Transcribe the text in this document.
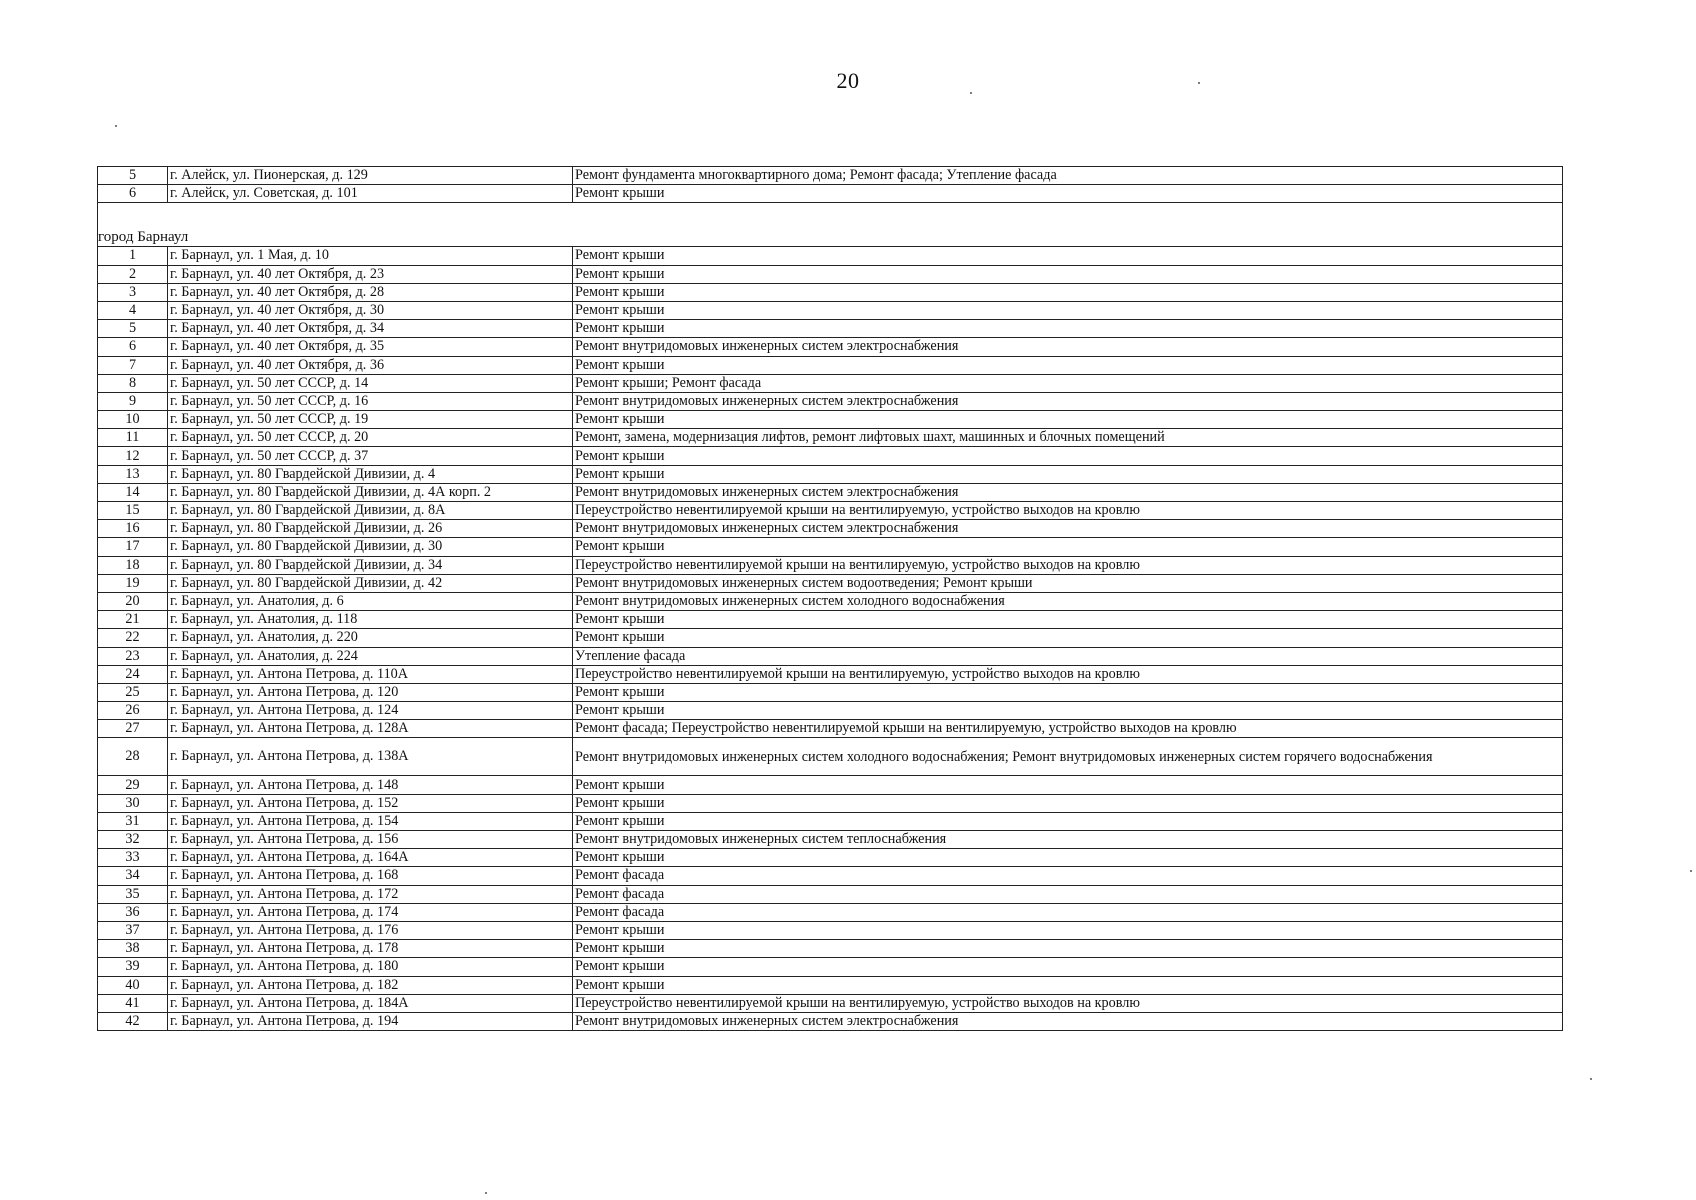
20
5	г. Алейск, ул. Пионерская, д. 129	Ремонт фундамента многоквартирного дома; Ремонт фасада; Утепление фасада
6	г. Алейск, ул. Советская, д. 101	Ремонт крыши
город Барнаул		
1	г. Барнаул, ул. 1 Мая, д. 10	Ремонт крыши
2	г. Барнаул, ул. 40 лет Октября, д. 23	Ремонт крыши
3	г. Барнаул, ул. 40 лет Октября, д. 28	Ремонт крыши
4	г. Барнаул, ул. 40 лет Октября, д. 30	Ремонт крыши
5	г. Барнаул, ул. 40 лет Октября, д. 34	Ремонт крыши
6	г. Барнаул, ул. 40 лет Октября, д. 35	Ремонт внутридомовых инженерных систем электроснабжения
7	г. Барнаул, ул. 40 лет Октября, д. 36	Ремонт крыши
8	г. Барнаул, ул. 50 лет СССР, д. 14	Ремонт крыши; Ремонт фасада
9	г. Барнаул, ул. 50 лет СССР, д. 16	Ремонт внутридомовых инженерных систем электроснабжения
10	г. Барнаул, ул. 50 лет СССР, д. 19	Ремонт крыши
11	г. Барнаул, ул. 50 лет СССР, д. 20	Ремонт, замена, модернизация лифтов, ремонт лифтовых шахт, машинных и блочных помещений
12	г. Барнаул, ул. 50 лет СССР, д. 37	Ремонт крыши
13	г. Барнаул, ул. 80 Гвардейской Дивизии, д. 4	Ремонт крыши
14	г. Барнаул, ул. 80 Гвардейской Дивизии, д. 4А корп. 2	Ремонт внутридомовых инженерных систем электроснабжения
15	г. Барнаул, ул. 80 Гвардейской Дивизии, д. 8А	Переустройство невентилируемой крыши на вентилируемую, устройство выходов на кровлю
16	г. Барнаул, ул. 80 Гвардейской Дивизии, д. 26	Ремонт внутридомовых инженерных систем электроснабжения
17	г. Барнаул, ул. 80 Гвардейской Дивизии, д. 30	Ремонт крыши
18	г. Барнаул, ул. 80 Гвардейской Дивизии, д. 34	Переустройство невентилируемой крыши на вентилируемую, устройство выходов на кровлю
19	г. Барнаул, ул. 80 Гвардейской Дивизии, д. 42	Ремонт внутридомовых инженерных систем водоотведения; Ремонт крыши
20	г. Барнаул, ул. Анатолия, д. 6	Ремонт внутридомовых инженерных систем холодного водоснабжения
21	г. Барнаул, ул. Анатолия, д. 118	Ремонт крыши
22	г. Барнаул, ул. Анатолия, д. 220	Ремонт крыши
23	г. Барнаул, ул. Анатолия, д. 224	Утепление фасада
24	г. Барнаул, ул. Антона Петрова, д. 110А	Переустройство невентилируемой крыши на вентилируемую, устройство выходов на кровлю
25	г. Барнаул, ул. Антона Петрова, д. 120	Ремонт крыши
26	г. Барнаул, ул. Антона Петрова, д. 124	Ремонт крыши
27	г. Барнаул, ул. Антона Петрова, д. 128А	Ремонт фасада; Переустройство невентилируемой крыши на вентилируемую, устройство выходов на кровлю
28	г. Барнаул, ул. Антона Петрова, д. 138А	Ремонт внутридомовых инженерных систем холодного водоснабжения; Ремонт внутридомовых инженерных систем горячего водоснабжения
29	г. Барнаул, ул. Антона Петрова, д. 148	Ремонт крыши
30	г. Барнаул, ул. Антона Петрова, д. 152	Ремонт крыши
31	г. Барнаул, ул. Антона Петрова, д. 154	Ремонт крыши
32	г. Барнаул, ул. Антона Петрова, д. 156	Ремонт внутридомовых инженерных систем теплоснабжения
33	г. Барнаул, ул. Антона Петрова, д. 164А	Ремонт крыши
34	г. Барнаул, ул. Антона Петрова, д. 168	Ремонт фасада
35	г. Барнаул, ул. Антона Петрова, д. 172	Ремонт фасада
36	г. Барнаул, ул. Антона Петрова, д. 174	Ремонт фасада
37	г. Барнаул, ул. Антона Петрова, д. 176	Ремонт крыши
38	г. Барнаул, ул. Антона Петрова, д. 178	Ремонт крыши
39	г. Барнаул, ул. Антона Петрова, д. 180	Ремонт крыши
40	г. Барнаул, ул. Антона Петрова, д. 182	Ремонт крыши
41	г. Барнаул, ул. Антона Петрова, д. 184А	Переустройство невентилируемой крыши на вентилируемую, устройство выходов на кровлю
42	г. Барнаул, ул. Антона Петрова, д. 194	Ремонт внутридомовых инженерных систем электроснабжения
